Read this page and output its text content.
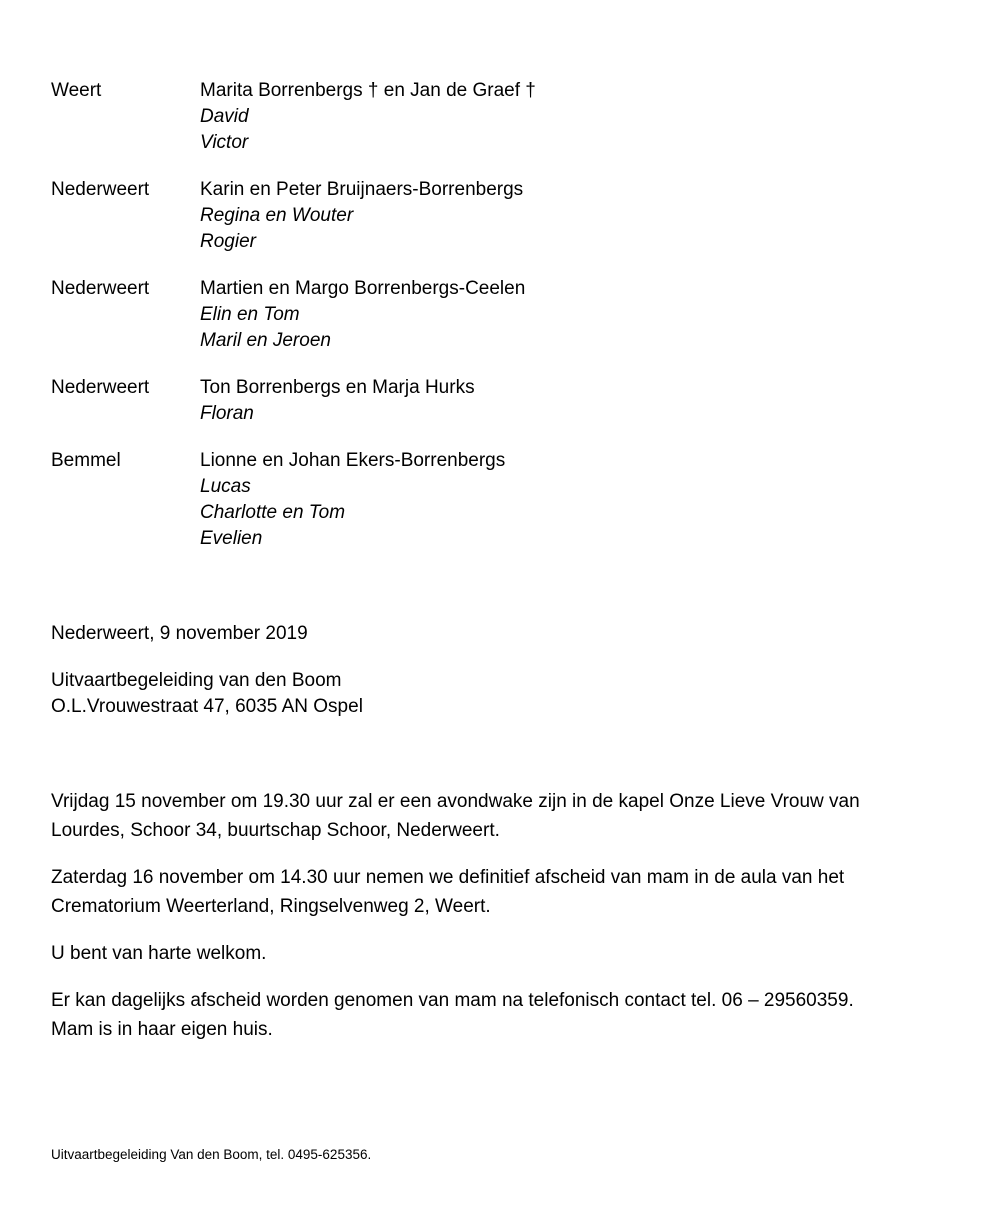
Weert	Marita Borrenbergs † en Jan de Graef †
David
Victor
Nederweert	Karin en Peter Bruijnaers-Borrenbergs
Regina en Wouter
Rogier
Nederweert	Martien en Margo Borrenbergs-Ceelen
Elin en Tom
Maril en Jeroen
Nederweert	Ton Borrenbergs en Marja Hurks
Floran
Bemmel	Lionne en Johan Ekers-Borrenbergs
Lucas
Charlotte en Tom
Evelien
Nederweert, 9 november 2019
Uitvaartbegeleiding van den Boom
O.L.Vrouwestraat 47, 6035 AN Ospel
Vrijdag 15 november om 19.30 uur zal er een avondwake zijn in de kapel Onze Lieve Vrouw van
Lourdes, Schoor 34, buurtschap Schoor, Nederweert.
Zaterdag 16 november om 14.30 uur nemen we definitief afscheid van mam in de aula van het
Crematorium Weerterland, Ringselvenweg 2, Weert.
U bent van harte welkom.
Er kan dagelijks afscheid worden genomen van mam na telefonisch contact tel. 06 – 29560359.
Mam is in haar eigen huis.
Uitvaartbegeleiding Van den Boom, tel. 0495-625356.
